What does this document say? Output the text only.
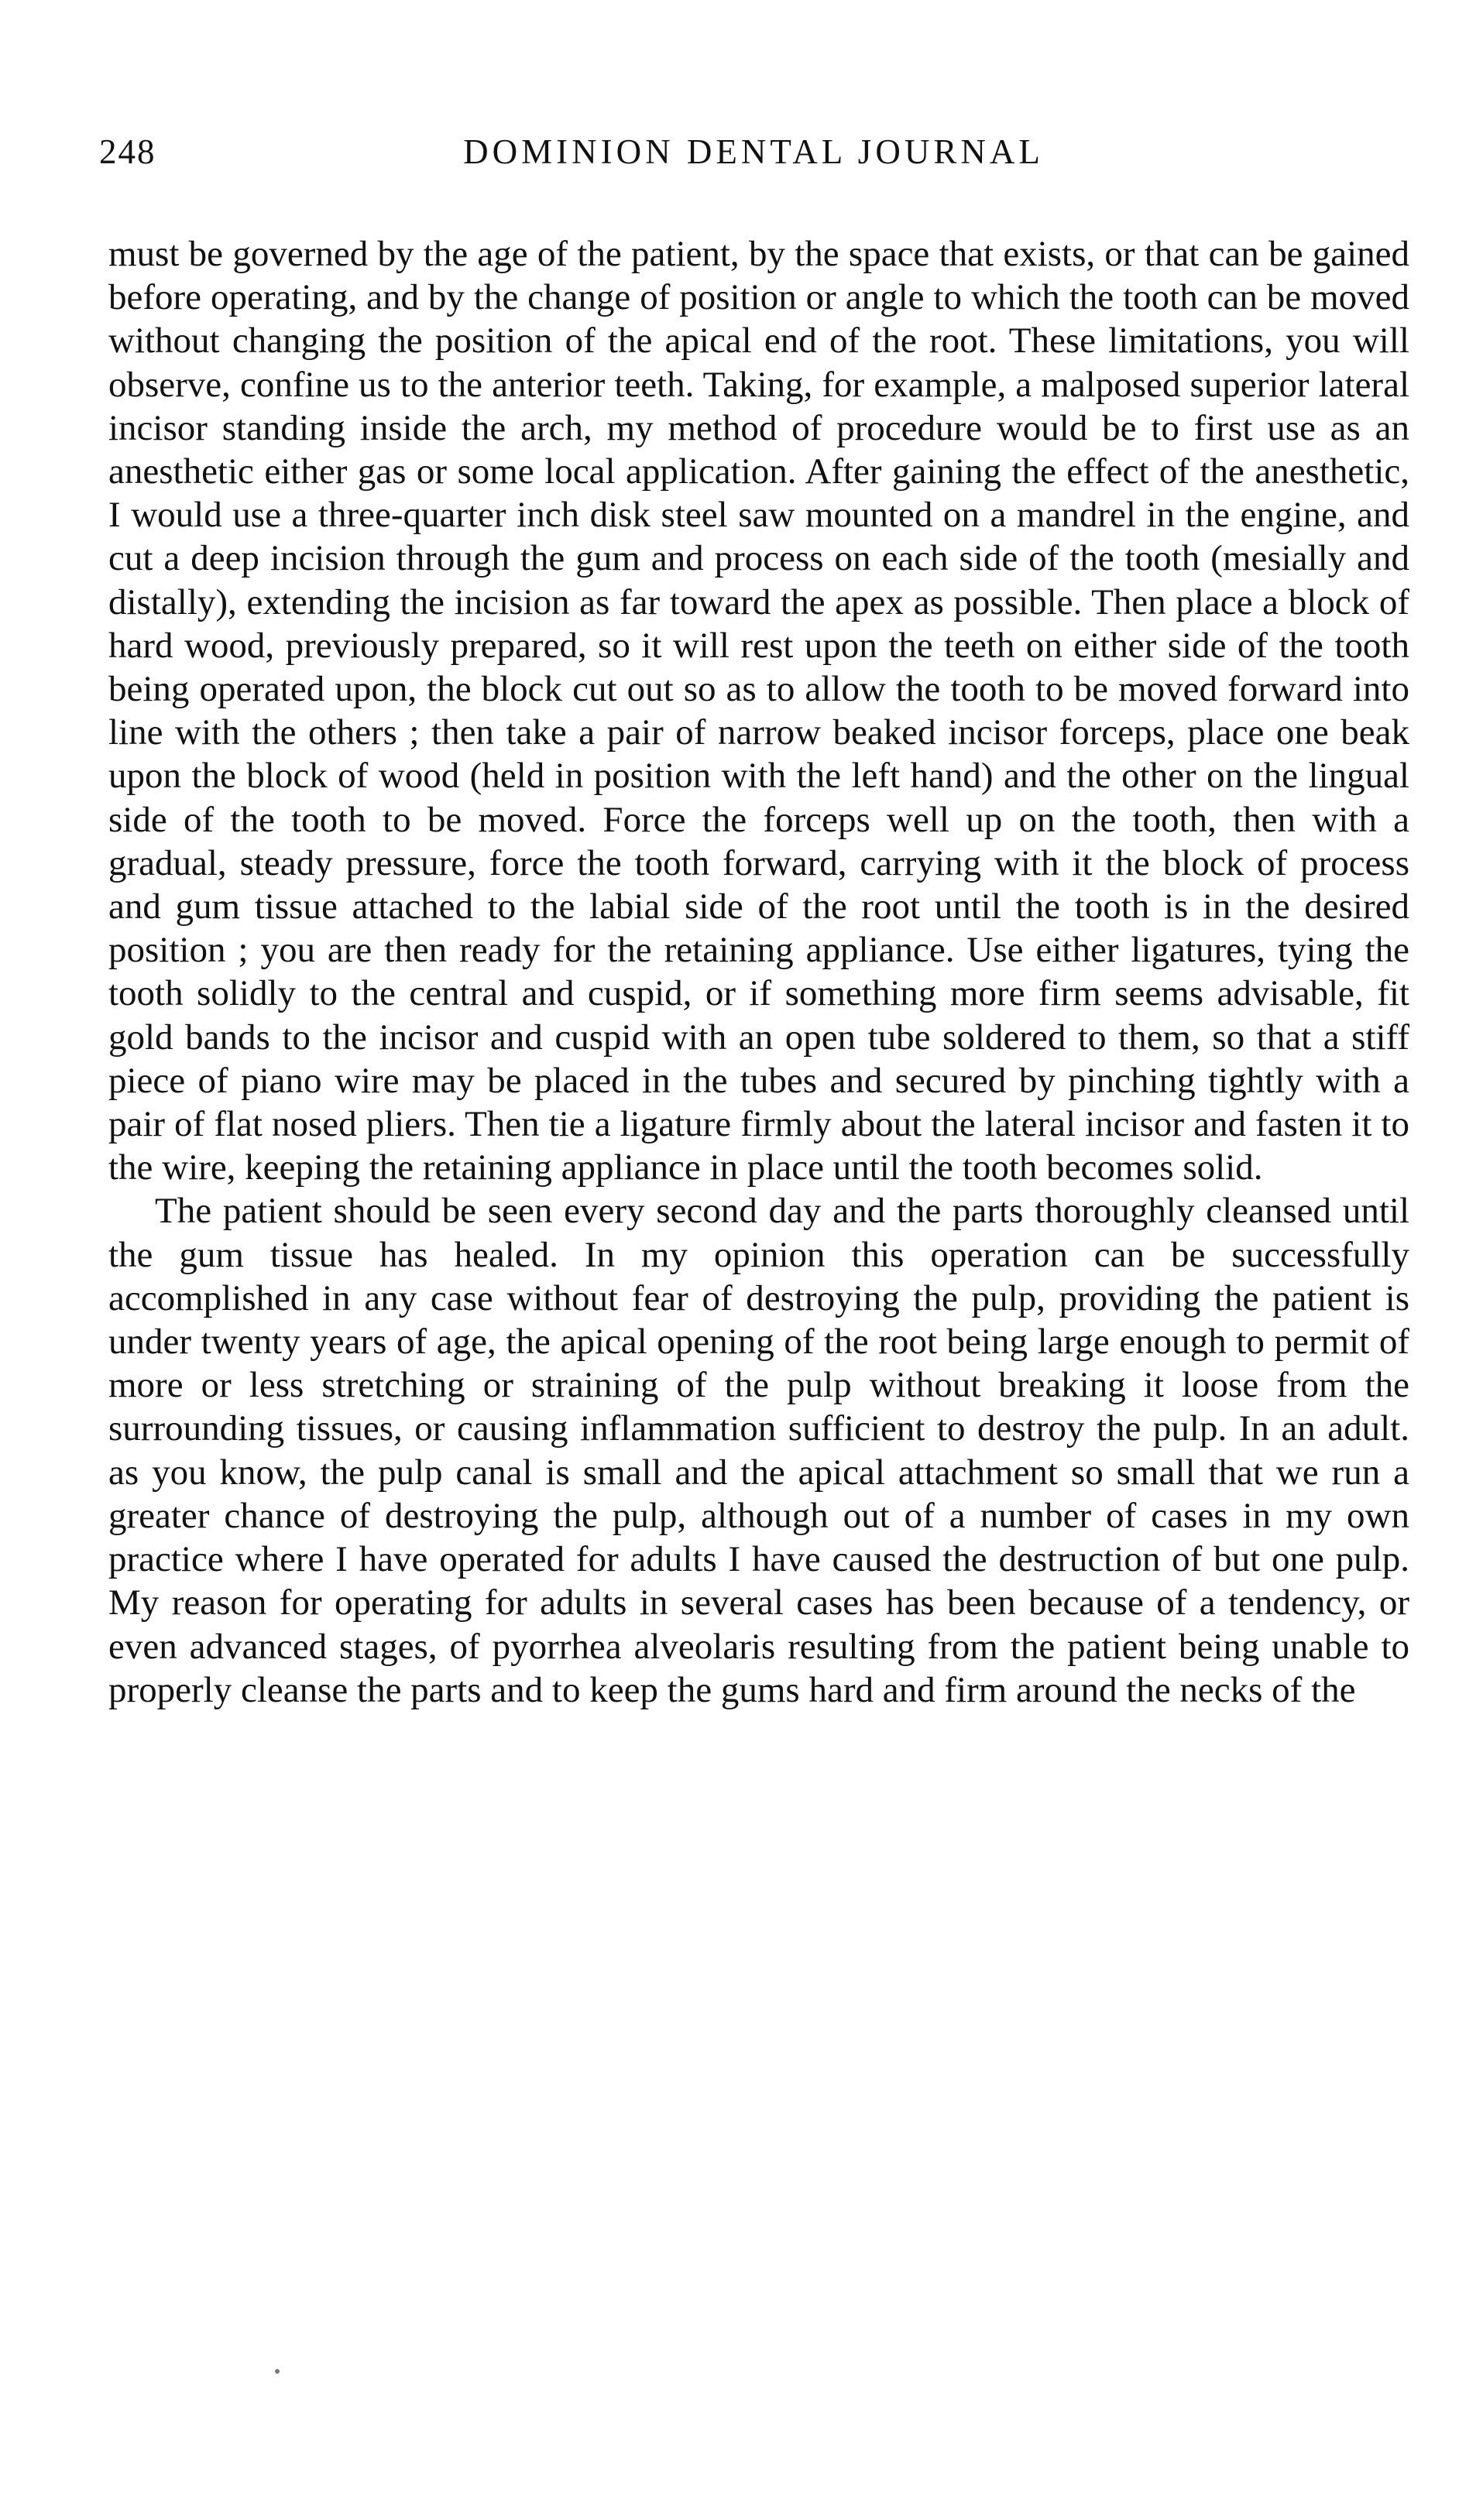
248	DOMINION DENTAL JOURNAL

must be governed by the age of the patient, by the space that exists, or that can be gained before operating, and by the change of position or angle to which the tooth can be moved without changing the position of the apical end of the root. These limitations, you will observe, confine us to the anterior teeth. Taking, for example, a malposed superior lateral incisor standing inside the arch, my method of procedure would be to first use as an anesthetic either gas or some local application. After gaining the effect of the anesthetic, I would use a three-quarter inch disk steel saw mounted on a mandrel in the engine, and cut a deep incision through the gum and process on each side of the tooth (mesially and distally), extending the incision as far toward the apex as possible. Then place a block of hard wood, previously prepared, so it will rest upon the teeth on either side of the tooth being operated upon, the block cut out so as to allow the tooth to be moved forward into line with the others ; then take a pair of narrow beaked incisor forceps, place one beak upon the block of wood (held in position with the left hand) and the other on the lingual side of the tooth to be moved. Force the forceps well up on the tooth, then with a gradual, steady pressure, force the tooth forward, carrying with it the block of process and gum tissue attached to the labial side of the root until the tooth is in the desired position ; you are then ready for the retaining appliance. Use either ligatures, tying the tooth solidly to the central and cuspid, or if something more firm seems advisable, fit gold bands to the incisor and cuspid with an open tube soldered to them, so that a stiff piece of piano wire may be placed in the tubes and secured by pinching tightly with a pair of flat nosed pliers. Then tie a ligature firmly about the lateral incisor and fasten it to the wire, keeping the retaining appliance in place until the tooth becomes solid.

The patient should be seen every second day and the parts thoroughly cleansed until the gum tissue has healed. In my opinion this operation can be successfully accomplished in any case without fear of destroying the pulp, providing the patient is under twenty years of age, the apical opening of the root being large enough to permit of more or less stretching or straining of the pulp without breaking it loose from the surrounding tissues, or causing inflammation sufficient to destroy the pulp. In an adult. as you know, the pulp canal is small and the apical attachment so small that we run a greater chance of destroying the pulp, although out of a number of cases in my own practice where I have operated for adults I have caused the destruction of but one pulp. My reason for operating for adults in several cases has been because of a tendency, or even advanced stages, of pyorrhea alveolaris resulting from the patient being unable to properly cleanse the parts and to keep the gums hard and firm around the necks of the
